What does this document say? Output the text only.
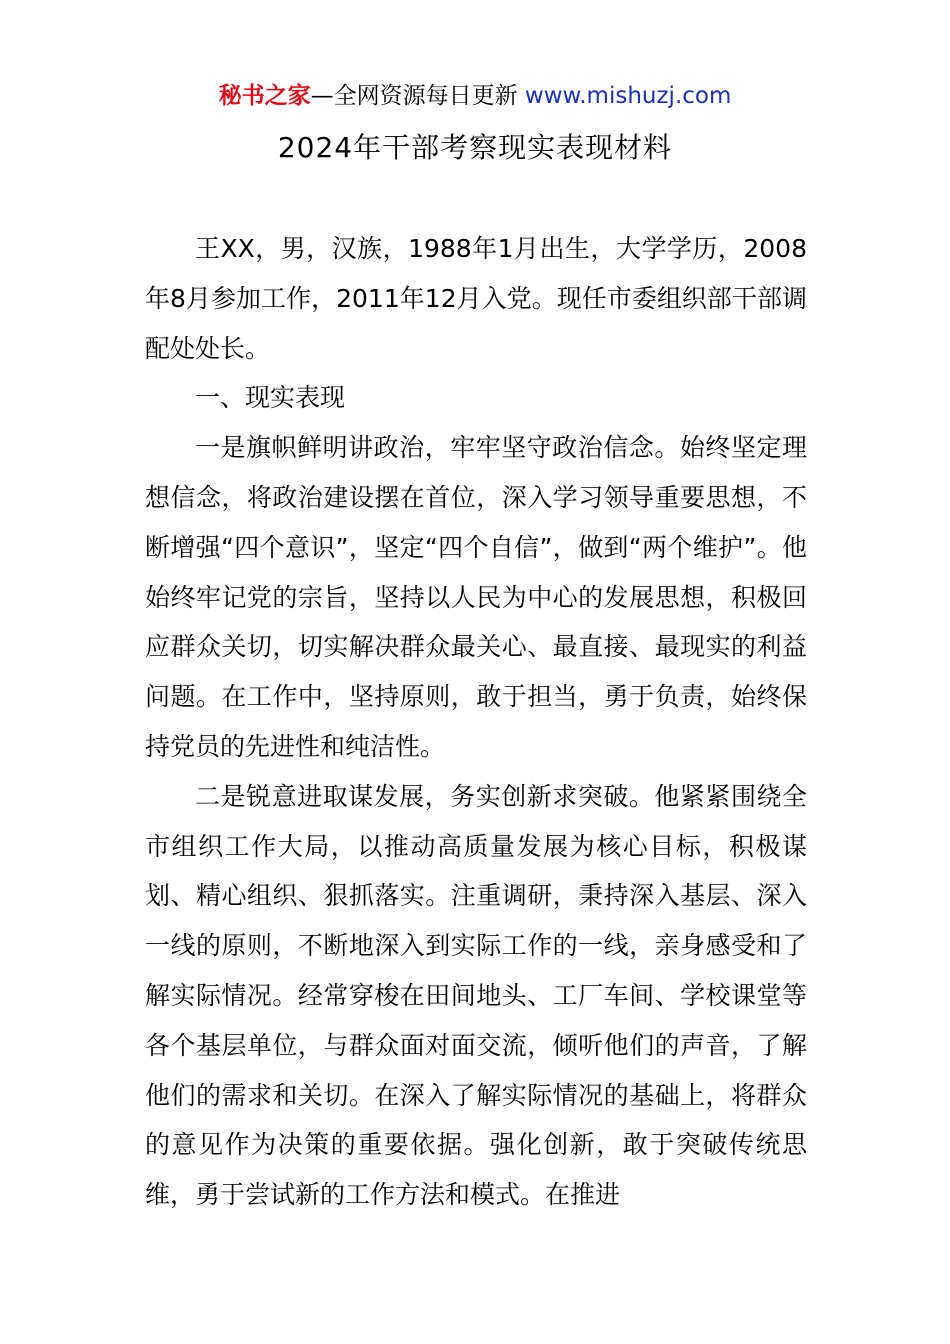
秘书之家—全网资源每日更新 www.mishuzj.com
2024年干部考察现实表现材料

王XX，男，汉族，1988年1月出生，大学学历，2008年8月参加工作，2011年12月入党。现任市委组织部干部调配处处长。

一、现实表现

一是旗帜鲜明讲政治，牢牢坚守政治信念。始终坚定理想信念，将政治建设摆在首位，深入学习领导重要思想，不断增强“四个意识”，坚定“四个自信”，做到“两个维护”。他始终牢记党的宗旨，坚持以人民为中心的发展思想，积极回应群众关切，切实解决群众最关心、最直接、最现实的利益问题。在工作中，坚持原则，敢于担当，勇于负责，始终保持党员的先进性和纯洁性。

二是锐意进取谋发展，务实创新求突破。他紧紧围绕全市组织工作大局，以推动高质量发展为核心目标，积极谋划、精心组织、狠抓落实。注重调研，秉持深入基层、深入一线的原则，不断地深入到实际工作的一线，亲身感受和了解实际情况。经常穿梭在田间地头、工厂车间、学校课堂等各个基层单位，与群众面对面交流，倾听他们的声音，了解他们的需求和关切。在深入了解实际情况的基础上，将群众的意见作为决策的重要依据。强化创新，敢于突破传统思维，勇于尝试新的工作方法和模式。在推进
